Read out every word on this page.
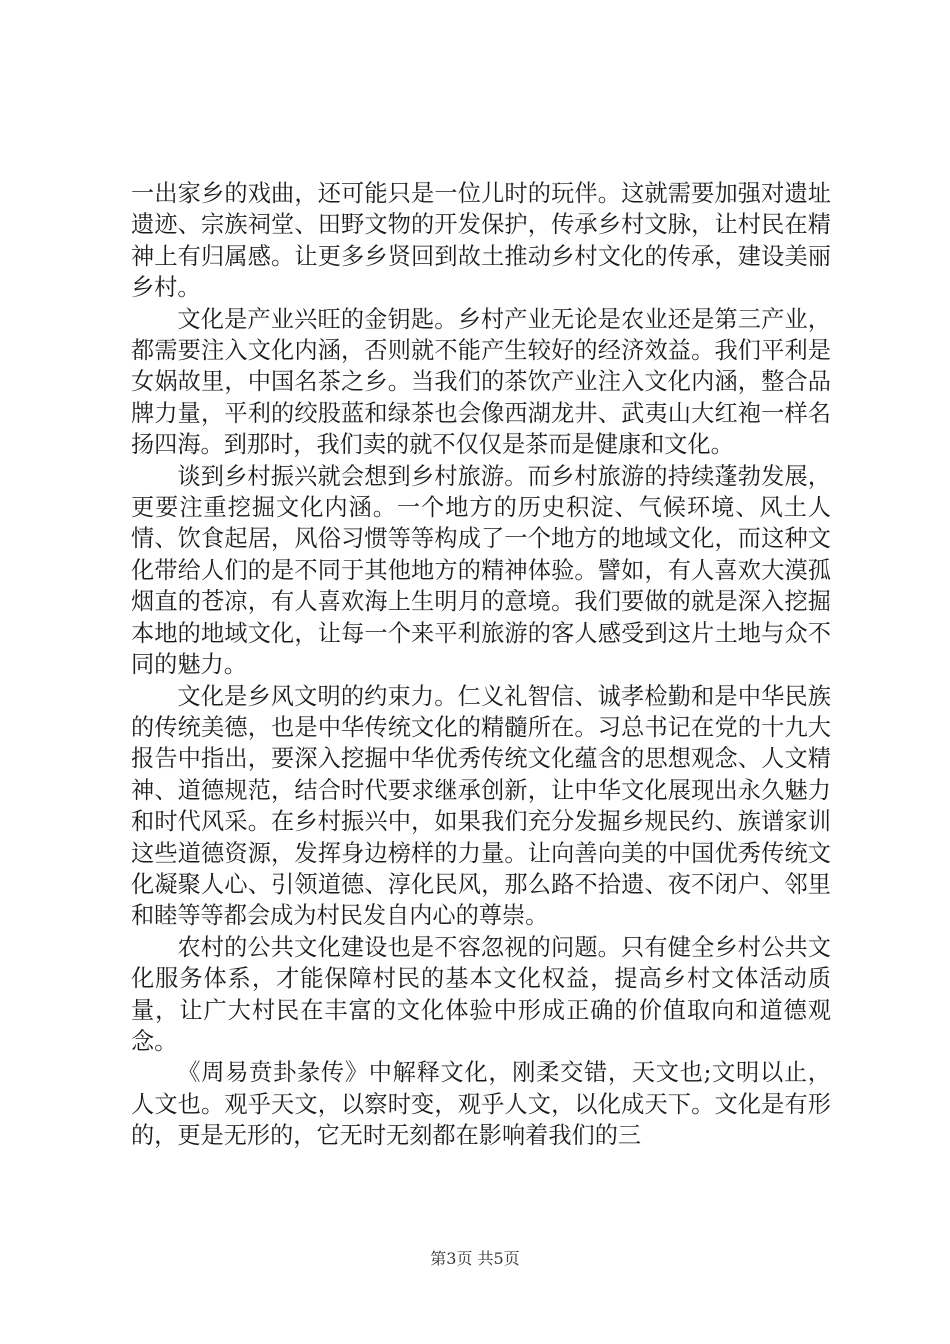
一出家乡的戏曲，还可能只是一位儿时的玩伴。这就需要加强对遗址遗迹、宗族祠堂、田野文物的开发保护，传承乡村文脉，让村民在精神上有归属感。让更多乡贤回到故土推动乡村文化的传承，建设美丽乡村。

文化是产业兴旺的金钥匙。乡村产业无论是农业还是第三产业，都需要注入文化内涵，否则就不能产生较好的经济效益。我们平利是女娲故里，中国名茶之乡。当我们的茶饮产业注入文化内涵，整合品牌力量，平利的绞股蓝和绿茶也会像西湖龙井、武夷山大红袍一样名扬四海。到那时，我们卖的就不仅仅是茶而是健康和文化。

谈到乡村振兴就会想到乡村旅游。而乡村旅游的持续蓬勃发展，更要注重挖掘文化内涵。一个地方的历史积淀、气候环境、风土人情、饮食起居，风俗习惯等等构成了一个地方的地域文化，而这种文化带给人们的是不同于其他地方的精神体验。譬如，有人喜欢大漠孤烟直的苍凉，有人喜欢海上生明月的意境。我们要做的就是深入挖掘本地的地域文化，让每一个来平利旅游的客人感受到这片土地与众不同的魅力。

文化是乡风文明的约束力。仁义礼智信、诚孝检勤和是中华民族的传统美德，也是中华传统文化的精髓所在。习总书记在党的十九大报告中指出，要深入挖掘中华优秀传统文化蕴含的思想观念、人文精神、道德规范，结合时代要求继承创新，让中华文化展现出永久魅力和时代风采。在乡村振兴中，如果我们充分发掘乡规民约、族谱家训这些道德资源，发挥身边榜样的力量。让向善向美的中国优秀传统文化凝聚人心、引领道德、淳化民风，那么路不拾遗、夜不闭户、邻里和睦等等都会成为村民发自内心的尊崇。

农村的公共文化建设也是不容忽视的问题。只有健全乡村公共文化服务体系，才能保障村民的基本文化权益，提高乡村文体活动质量，让广大村民在丰富的文化体验中形成正确的价值取向和道德观念。

《周易贲卦彖传》中解释文化，刚柔交错，天文也;文明以止，人文也。观乎天文，以察时变，观乎人文，以化成天下。文化是有形的，更是无形的，它无时无刻都在影响着我们的三

第3页 共5页
